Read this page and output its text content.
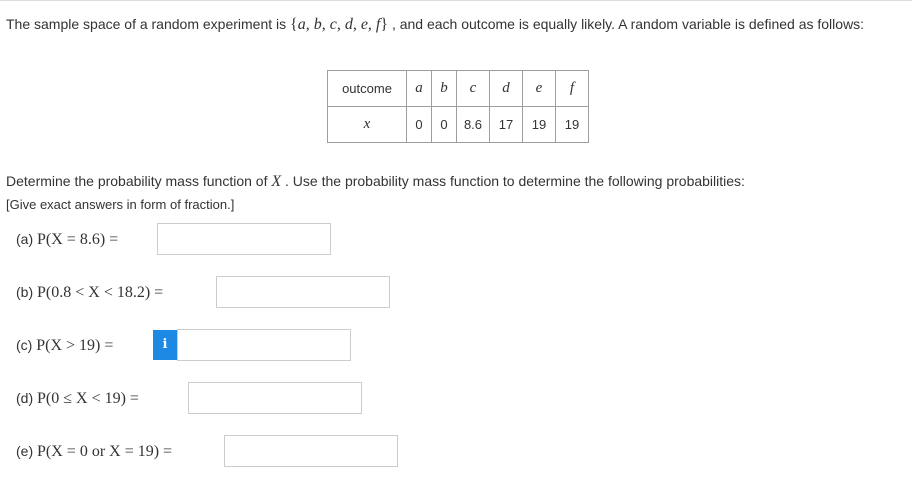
The sample space of a random experiment is {a, b, c, d, e, f} , and each outcome is equally likely. A random variable is defined as follows:
outcome	a	b	c	d	e	f
x	0	0	8.6	17	19	19
Determine the probability mass function of X . Use the probability mass function to determine the following probabilities:
[Give exact answers in form of fraction.]
(a) P(X = 8.6) =
(b) P(0.8 < X < 18.2) =
(c) P(X > 19) =	i
(d) P(0 ≤ X < 19) =
(e) P(X = 0 or X = 19) =
